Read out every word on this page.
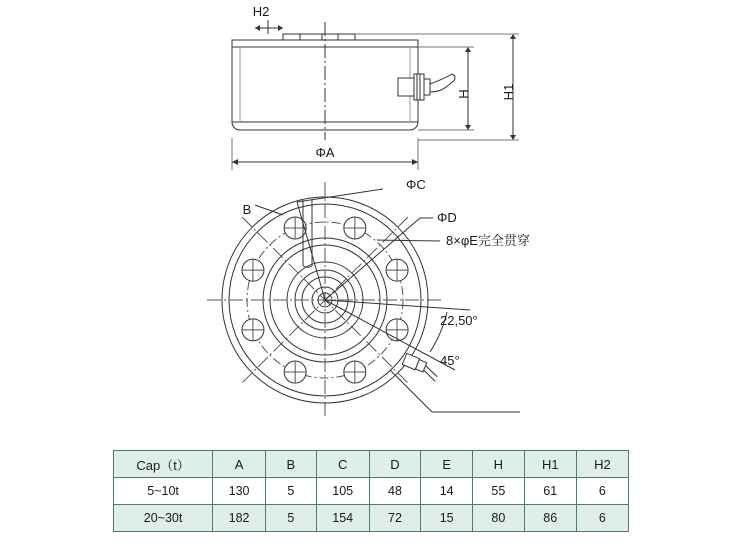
H2
H H1
ΦA
B
ΦC
ΦD
8×φE完全贯穿
22,50°
45°
Cap（t）	A	B	C	D	E	H	H1	H2
5~10t	130	5	105	48	14	55	61	6
20~30t	182	5	154	72	15	80	86	6
